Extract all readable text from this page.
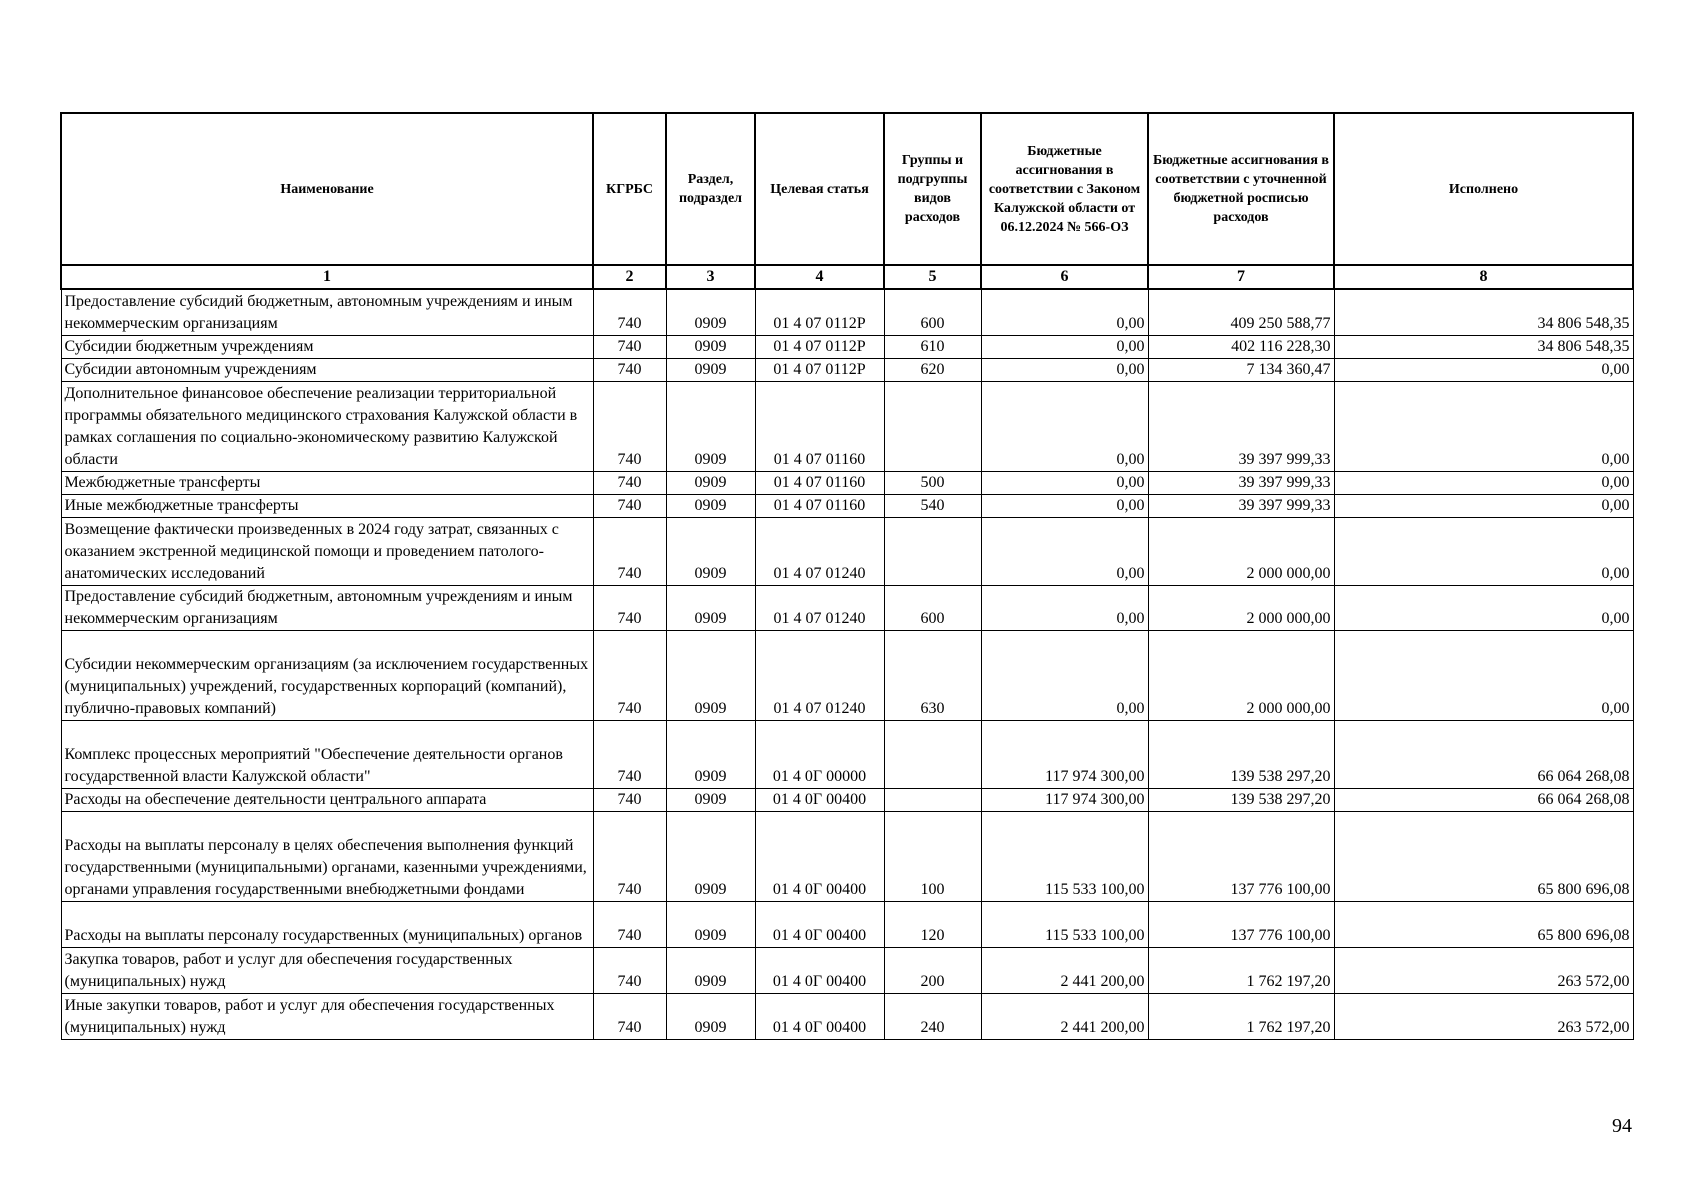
Наименование	КГРБС	Раздел, подраздел	Целевая статья	Группы и подгруппы видов расходов	Бюджетные ассигнования в соответствии с Законом Калужской области от 06.12.2024 № 566-ОЗ	Бюджетные ассигнования в соответствии с уточненной бюджетной росписью расходов	Исполнено
1	2	3	4	5	6	7	8
Предоставление субсидий бюджетным, автономным учреждениям и иным некоммерческим организациям	740	0909	01 4 07 0112Р	600	0,00	409 250 588,77	34 806 548,35
Субсидии бюджетным учреждениям	740	0909	01 4 07 0112Р	610	0,00	402 116 228,30	34 806 548,35
Субсидии автономным учреждениям	740	0909	01 4 07 0112Р	620	0,00	7 134 360,47	0,00
Дополнительное финансовое обеспечение реализации территориальной программы обязательного медицинского страхования Калужской области в рамках соглашения по социально-экономическому развитию Калужской области	740	0909	01 4 07 01160		0,00	39 397 999,33	0,00
Межбюджетные трансферты	740	0909	01 4 07 01160	500	0,00	39 397 999,33	0,00
Иные межбюджетные трансферты	740	0909	01 4 07 01160	540	0,00	39 397 999,33	0,00
Возмещение фактически произведенных в 2024 году затрат, связанных с оказанием экстренной медицинской помощи и проведением патолого-анатомических исследований	740	0909	01 4 07 01240		0,00	2 000 000,00	0,00
Предоставление субсидий бюджетным, автономным учреждениям и иным некоммерческим организациям	740	0909	01 4 07 01240	600	0,00	2 000 000,00	0,00
Субсидии некоммерческим организациям (за исключением государственных (муниципальных) учреждений, государственных корпораций (компаний), публично-правовых компаний)	740	0909	01 4 07 01240	630	0,00	2 000 000,00	0,00
Комплекс процессных мероприятий "Обеспечение деятельности органов государственной власти Калужской области"	740	0909	01 4 0Г 00000		117 974 300,00	139 538 297,20	66 064 268,08
Расходы на обеспечение деятельности центрального аппарата	740	0909	01 4 0Г 00400		117 974 300,00	139 538 297,20	66 064 268,08
Расходы на выплаты персоналу в целях обеспечения выполнения функций государственными (муниципальными) органами, казенными учреждениями, органами управления государственными внебюджетными фондами	740	0909	01 4 0Г 00400	100	115 533 100,00	137 776 100,00	65 800 696,08
Расходы на выплаты персоналу государственных (муниципальных) органов	740	0909	01 4 0Г 00400	120	115 533 100,00	137 776 100,00	65 800 696,08
Закупка товаров, работ и услуг для обеспечения государственных (муниципальных) нужд	740	0909	01 4 0Г 00400	200	2 441 200,00	1 762 197,20	263 572,00
Иные закупки товаров, работ и услуг для обеспечения государственных (муниципальных) нужд	740	0909	01 4 0Г 00400	240	2 441 200,00	1 762 197,20	263 572,00
94
